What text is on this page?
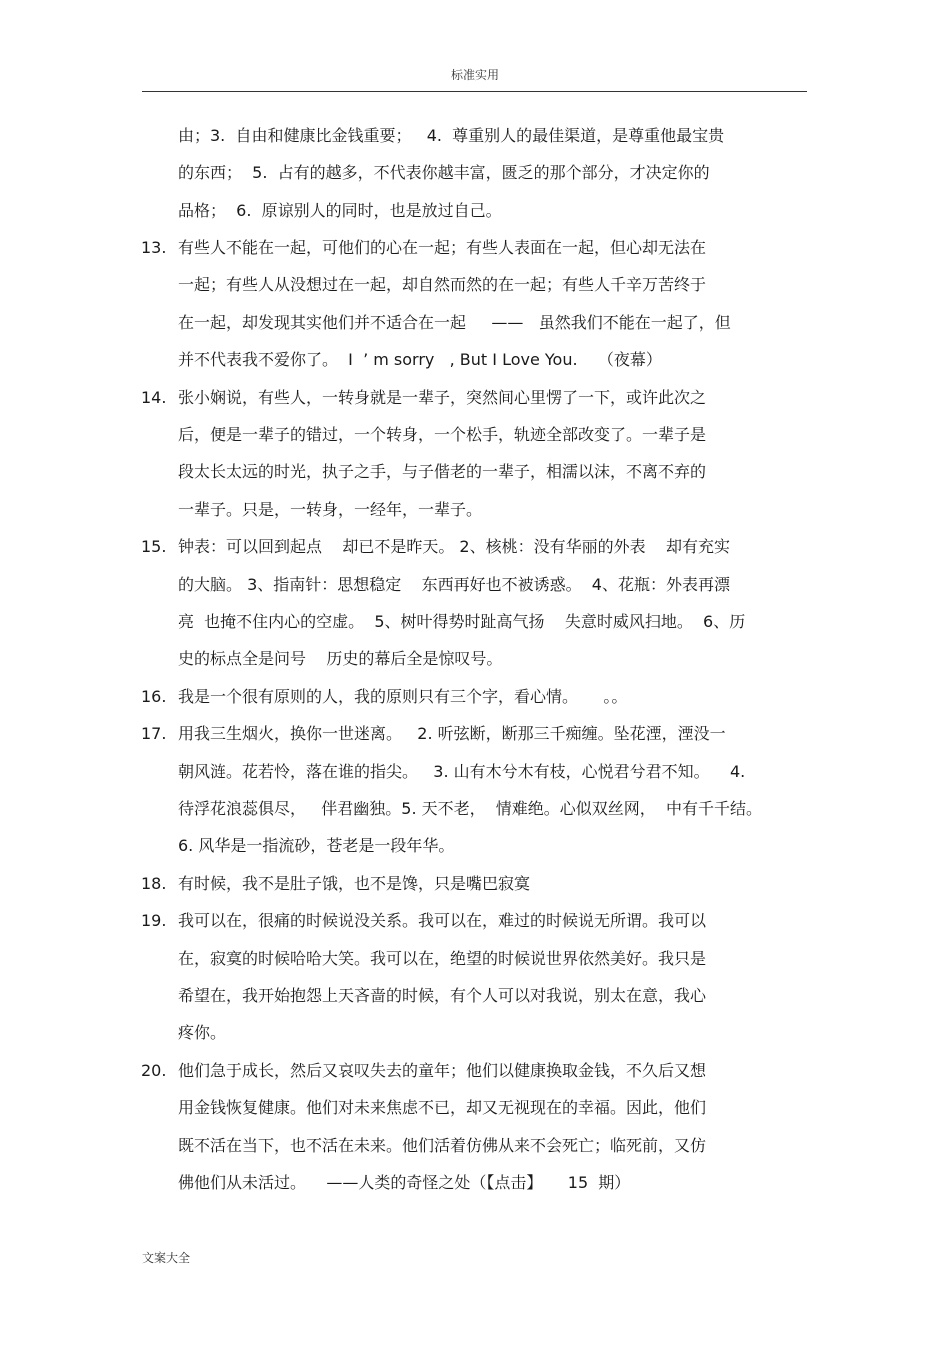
标准实用
由；3.  自由和健康比金钱重要；   4.  尊重别人的最佳渠道，是尊重他最宝贵
的东西；  5.  占有的越多，不代表你越丰富，匮乏的那个部分，才决定你的
品格；  6.  原谅别人的同时，也是放过自己。
13. 有些人不能在一起，可他们的心在一起；有些人表面在一起，但心却无法在
一起；有些人从没想过在一起，却自然而然的在一起；有些人千辛万苦终于
在一起，却发现其实他们并不适合在一起     ——   虽然我们不能在一起了，但
并不代表我不爱你了。  I  ’ m sorry   , But I Love You.    （夜幕）
14. 张小娴说，有些人，一转身就是一辈子，突然间心里愣了一下，或许此次之
后，便是一辈子的错过，一个转身，一个松手，轨迹全部改变了。一辈子是
段太长太远的时光，执子之手，与子偕老的一辈子，相濡以沫，不离不弃的
一辈子。只是，一转身，一经年，一辈子。
15. 钟表：可以回到起点    却已不是昨天。 2、核桃：没有华丽的外表    却有充实
的大脑。 3、指南针：思想稳定    东西再好也不被诱惑。  4、花瓶：外表再漂
亮  也掩不住内心的空虚。  5、树叶得势时趾高气扬    失意时威风扫地。  6、历
史的标点全是问号    历史的幕后全是惊叹号。
16. 我是一个很有原则的人，我的原则只有三个字，看心情。     。。
17. 用我三生烟火，换你一世迷离。   2. 听弦断，断那三千痴缠。坠花湮，湮没一
朝风涟。花若怜，落在谁的指尖。   3. 山有木兮木有枝，心悦君兮君不知。    4.
待浮花浪蕊俱尽，   伴君幽独。5. 天不老，  情难绝。心似双丝网，  中有千千结。
6. 风华是一指流砂，苍老是一段年华。
18. 有时候，我不是肚子饿，也不是馋，只是嘴巴寂寞
19. 我可以在，很痛的时候说没关系。我可以在，难过的时候说无所谓。我可以
在，寂寞的时候哈哈大笑。我可以在，绝望的时候说世界依然美好。我只是
希望在，我开始抱怨上天吝啬的时候，有个人可以对我说，别太在意，我心
疼你。
20. 他们急于成长，然后又哀叹失去的童年；他们以健康换取金钱，不久后又想
用金钱恢复健康。他们对未来焦虑不已，却又无视现在的幸福。因此，他们
既不活在当下，也不活在未来。他们活着仿佛从来不会死亡；临死前，又仿
佛他们从未活过。    ——人类的奇怪之处（【点击】     15  期）
文案大全
